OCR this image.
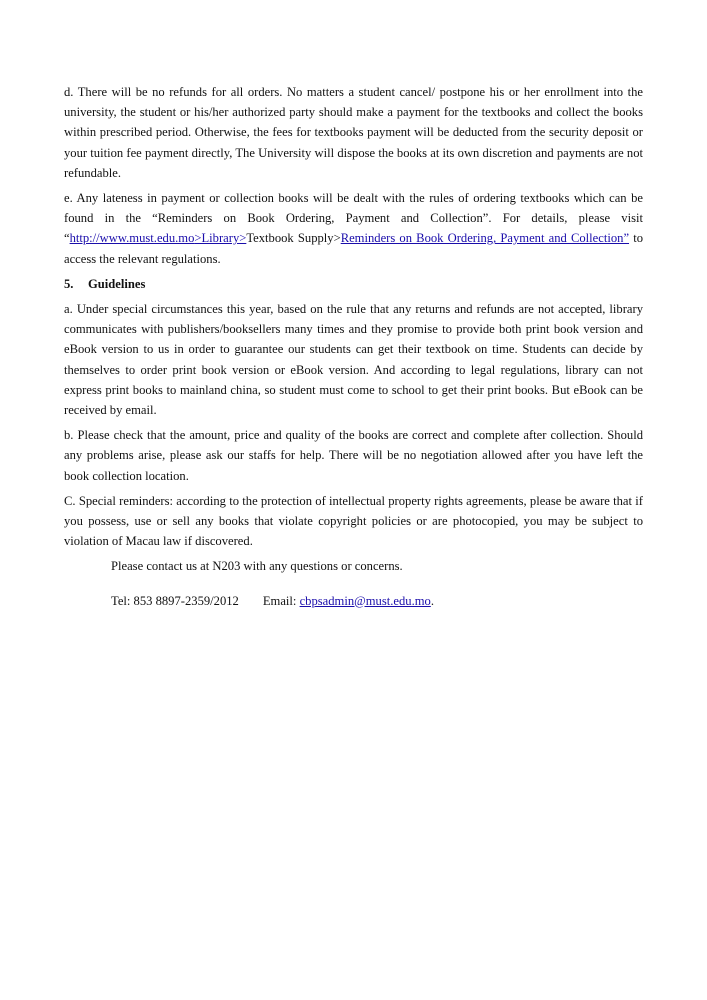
d. There will be no refunds for all orders. No matters a student cancel/ postpone his or her enrollment into the university, the student or his/her authorized party should make a payment for the textbooks and collect the books within prescribed period. Otherwise, the fees for textbooks payment will be deducted from the security deposit or your tuition fee payment directly, The University will dispose the books at its own discretion and payments are not refundable.

e. Any lateness in payment or collection books will be dealt with the rules of ordering textbooks which can be found in the “Reminders on Book Ordering, Payment and Collection”. For details, please visit “http://www.must.edu.mo>Library>Textbook Supply>Reminders on Book Ordering, Payment and Collection” to access the relevant regulations.

5.	Guidelines

a. Under special circumstances this year, based on the rule that any returns and refunds are not accepted, library communicates with publishers/booksellers many times and they promise to provide both print book version and eBook version to us in order to guarantee our students can get their textbook on time. Students can decide by themselves to order print book version or eBook version. And according to legal regulations, library can not express print books to mainland china, so student must come to school to get their print books. But eBook can be received by email.

b. Please check that the amount, price and quality of the books are correct and complete after collection. Should any problems arise, please ask our staffs for help. There will be no negotiation allowed after you have left the book collection location.

C. Special reminders: according to the protection of intellectual property rights agreements, please be aware that if you possess, use or sell any books that violate copyright policies or are photocopied, you may be subject to violation of Macau law if discovered.

Please contact us at N203 with any questions or concerns.

Tel: 853 8897-2359/2012 Email: cbpsadmin@must.edu.mo.
